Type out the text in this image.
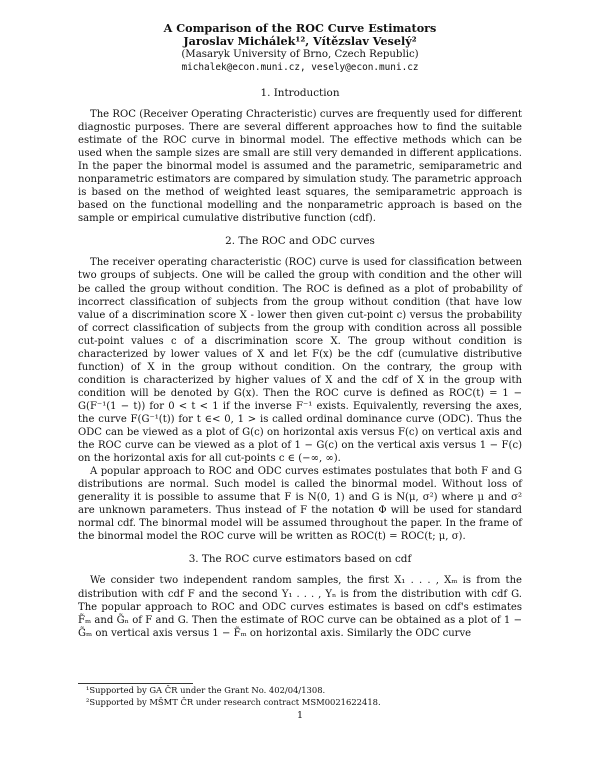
A Comparison of the ROC Curve Estimators
Jaroslav Michálek¹², Vítězslav Veselý²
(Masaryk University of Brno, Czech Republic)
michalek@econ.muni.cz, vesely@econ.muni.cz
1. Introduction

The ROC (Receiver Operating Chracteristic) curves are frequently used for different diagnostic purposes. There are several different approaches how to find the suitable estimate of the ROC curve in binormal model. The effective methods which can be used when the sample sizes are small are still very demanded in different applications. In the paper the binormal model is assumed and the parametric, semiparametric and nonparametric estimators are compared by simulation study. The parametric approach is based on the method of weighted least squares, the semiparametric approach is based on the functional modelling and the nonparametric approach is based on the sample or empirical cumulative distributive function (cdf).

2. The ROC and ODC curves

The receiver operating characteristic (ROC) curve is used for classification between two groups of subjects. One will be called the group with condition and the other will be called the group without condition. The ROC is defined as a plot of probability of incorrect classification of subjects from the group without condition (that have low value of a discrimination score X - lower then given cut-point c) versus the probability of correct classification of subjects from the group with condition across all possible cut-point values c of a discrimination score X. The group without condition is characterized by lower values of X and let F(x) be the cdf (cumulative distributive function) of X in the group without condition. On the contrary, the group with condition is characterized by higher values of X and the cdf of X in the group with condition will be denoted by G(x). Then the ROC curve is defined as ROC(t) = 1 − G(F⁻¹(1 − t)) for 0 < t < 1 if the inverse F⁻¹ exists. Equivalently, reversing the axes, the curve F(G⁻¹(t)) for t ∈< 0, 1 > is called ordinal dominance curve (ODC). Thus the ODC can be viewed as a plot of G(c) on horizontal axis versus F(c) on vertical axis and the ROC curve can be viewed as a plot of 1 − G(c) on the vertical axis versus 1 − F(c) on the horizontal axis for all cut-points c ∈ (−∞, ∞).

A popular approach to ROC and ODC curves estimates postulates that both F and G distributions are normal. Such model is called the binormal model. Without loss of generality it is possible to assume that F is N(0, 1) and G is N(μ, σ²) where μ and σ² are unknown parameters. Thus instead of F the notation Φ will be used for standard normal cdf. The binormal model will be assumed throughout the paper. In the frame of the binormal model the ROC curve will be written as ROC(t) = ROC(t; μ, σ).

3. The ROC curve estimators based on cdf

We consider two independent random samples, the first X₁ . . . , Xₘ is from the distribution with cdf F and the second Y₁ . . . , Yₙ is from the distribution with cdf G. The popular approach to ROC and ODC curves estimates is based on cdf's estimates F̃ₘ and G̃ₙ of F and G. Then the estimate of ROC curve can be obtained as a plot of 1 − G̃ₘ on vertical axis versus 1 − F̃ₘ on horizontal axis. Similarly the ODC curve

¹Supported by GA ČR under the Grant No. 402/04/1308.
²Supported by MŠMT ČR under research contract MSM0021622418.
1
